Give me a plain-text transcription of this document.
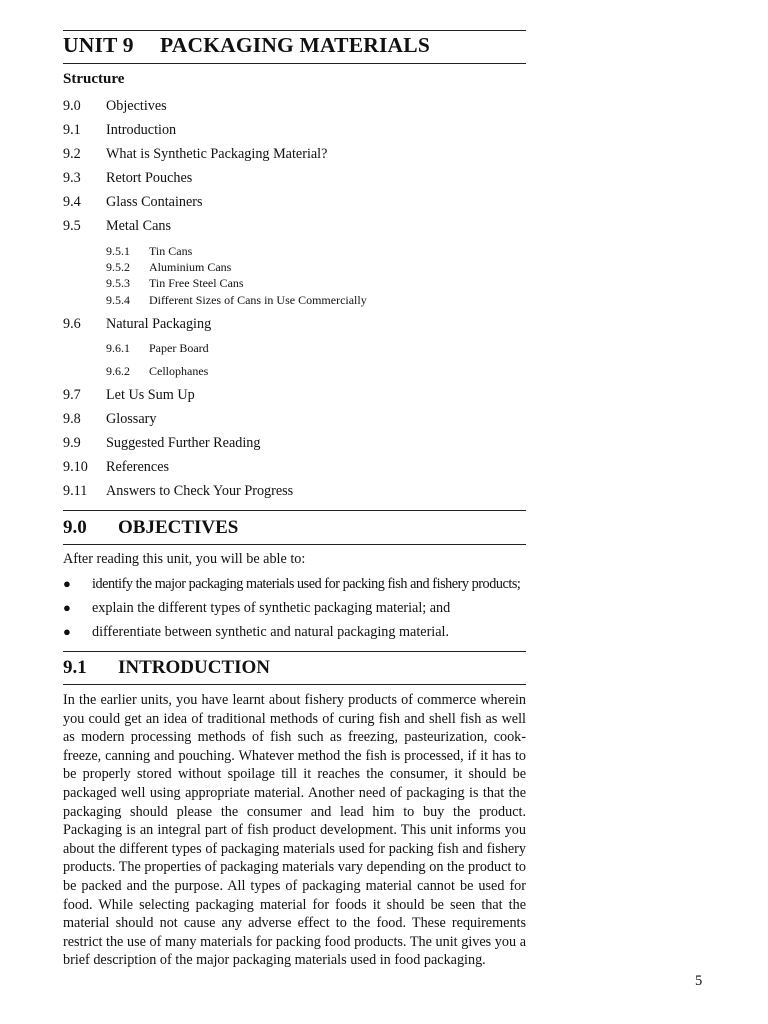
UNIT 9 PACKAGING MATERIALS
Structure
9.0 Objectives
9.1 Introduction
9.2 What is Synthetic Packaging Material?
9.3 Retort Pouches
9.4 Glass Containers
9.5 Metal Cans
9.5.1 Tin Cans
9.5.2 Aluminium Cans
9.5.3 Tin Free Steel Cans
9.5.4 Different Sizes of Cans in Use Commercially
9.6 Natural Packaging
9.6.1 Paper Board
9.6.2 Cellophanes
9.7 Let Us Sum Up
9.8 Glossary
9.9 Suggested Further Reading
9.10 References
9.11 Answers to Check Your Progress
9.0 OBJECTIVES
After reading this unit, you will be able to:
● identify the major packaging materials used for packing fish and fishery products;
● explain the different types of synthetic packaging material; and
● differentiate between synthetic and natural packaging material.
9.1 INTRODUCTION

In the earlier units, you have learnt about fishery products of commerce wherein you could get an idea of traditional methods of curing fish and shell fish as well as modern processing methods of fish such as freezing, pasteurization, cook-freeze, canning and pouching. Whatever method the fish is processed, if it has to be properly stored without spoilage till it reaches the consumer, it should be packaged well using appropriate material. Another need of packaging is that the packaging should please the consumer and lead him to buy the product. Packaging is an integral part of fish product development. This unit informs you about the different types of packaging materials used for packing fish and fishery products. The properties of packaging materials vary depending on the product to be packed and the purpose. All types of packaging material cannot be used for food. While selecting packaging material for foods it should be seen that the material should not cause any adverse effect to the food. These requirements restrict the use of many materials for packing food products. The unit gives you a brief description of the major packaging materials used in food packaging.

5
